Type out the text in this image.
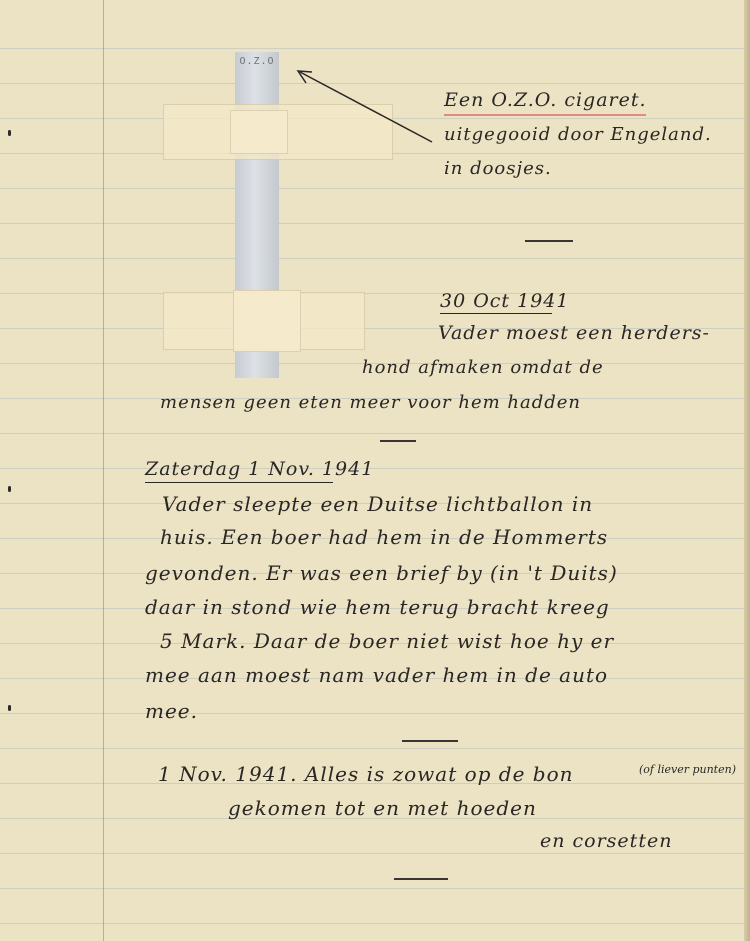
O.Z.O
Een O.Z.O. cigaret.
uitgegooid door Engeland.
in doosjes.
30 Oct 1941
Vader moest een herders-
hond afmaken omdat de
mensen geen eten meer voor hem hadden
Zaterdag 1 Nov. 1941
Vader sleepte een Duitse lichtballon in
huis. Een boer had hem in de Hommerts
gevonden. Er was een brief by (in 't Duits)
daar in stond wie hem terug bracht kreeg
5 Mark. Daar de boer niet wist hoe hy er
mee aan moest nam vader hem in de auto
mee.
1 Nov. 1941. Alles is zowat op de bon	(of liever punten)
gekomen tot en met hoeden
en corsetten
